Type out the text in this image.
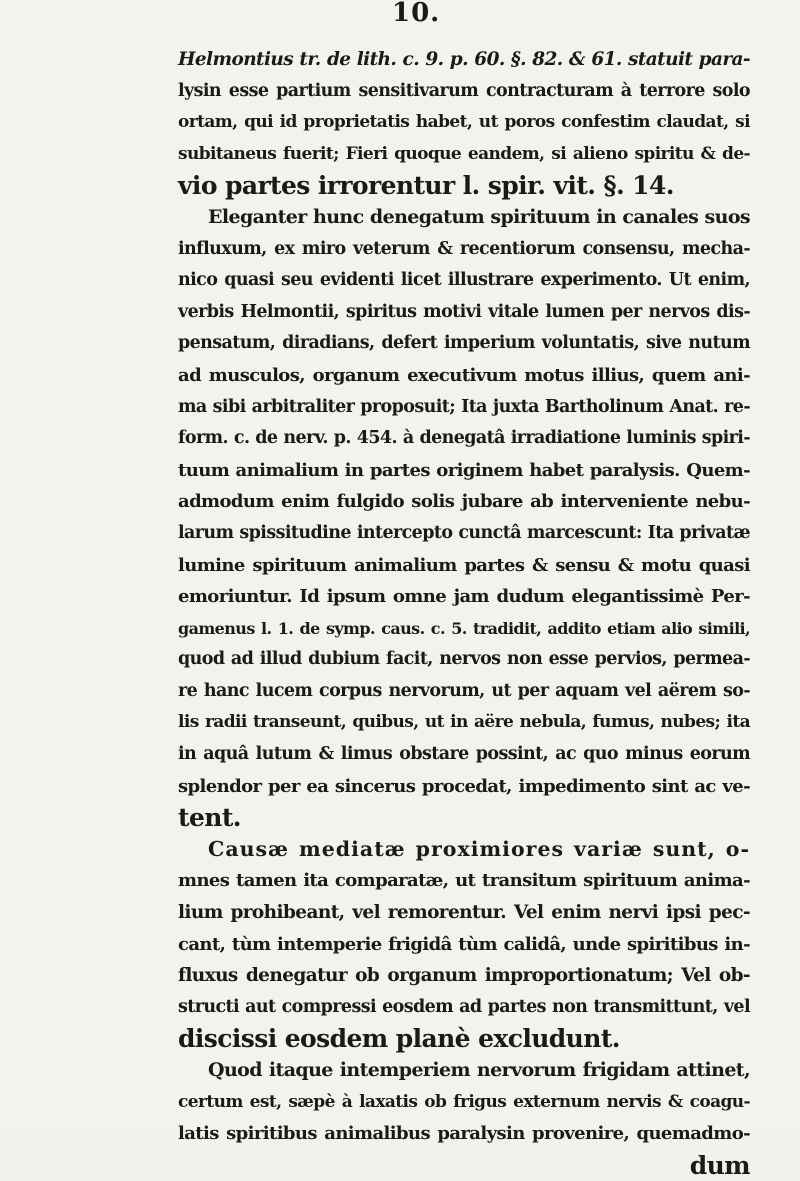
10.
Helmontius tr. de lith. c. 9. p. 60. §. 82. & 61. statuit para-
lysin esse partium sensitivarum contracturam à terrore solo
ortam, qui id proprietatis habet, ut poros confestim claudat, si
subitaneus fuerit; Fieri quoque eandem, si alieno spiritu & de-
vio partes irrorentur l. spir. vit. §. 14.
Eleganter hunc denegatum spirituum in canales suos
influxum, ex miro veterum & recentiorum consensu, mecha-
nico quasi seu evidenti licet illustrare experimento. Ut enim,
verbis Helmontii, spiritus motivi vitale lumen per nervos dis-
pensatum, diradians, defert imperium voluntatis, sive nutum
ad musculos, organum executivum motus illius, quem ani-
ma sibi arbitraliter proposuit; Ita juxta Bartholinum Anat. re-
form. c. de nerv. p. 454. à denegatâ irradiatione luminis spiri-
tuum animalium in partes originem habet paralysis. Quem-
admodum enim fulgido solis jubare ab interveniente nebu-
larum spissitudine intercepto cunctâ marcescunt: Ita privatæ
lumine spirituum animalium partes & sensu & motu quasi
emoriuntur. Id ipsum omne jam dudum elegantissimè Per-
gamenus l. 1. de symp. caus. c. 5. tradidit, addito etiam alio simili,
quod ad illud dubium facit, nervos non esse pervios, permea-
re hanc lucem corpus nervorum, ut per aquam vel aërem so-
lis radii transeunt, quibus, ut in aëre nebula, fumus, nubes; ita
in aquâ lutum & limus obstare possint, ac quo minus eorum
splendor per ea sincerus procedat, impedimento sint ac ve-
tent.
Causæ mediatæ proximiores variæ sunt, o-
mnes tamen ita comparatæ, ut transitum spirituum anima-
lium prohibeant, vel remorentur. Vel enim nervi ipsi pec-
cant, tùm intemperie frigidâ tùm calidâ, unde spiritibus in-
fluxus denegatur ob organum improportionatum; Vel ob-
structi aut compressi eosdem ad partes non transmittunt, vel
discissi eosdem planè excludunt.
Quod itaque intemperiem nervorum frigidam attinet,
certum est, sæpè à laxatis ob frigus externum nervis & coagu-
latis spiritibus animalibus paralysin provenire, quemadmo-
dum
